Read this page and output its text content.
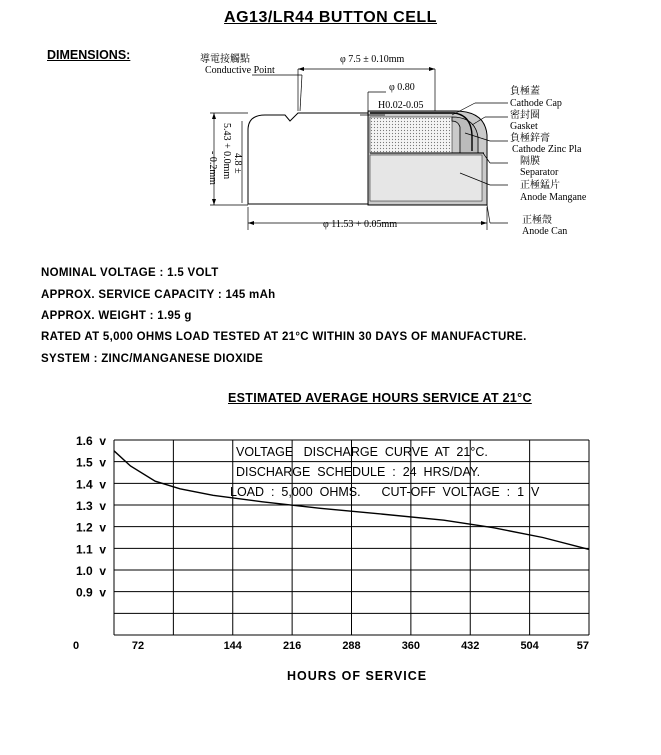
AG13/LR44 BUTTON CELL
DIMENSIONS:	導電接觸點
Conductive Point
φ 7.5 ± 0.10mm
φ 0.80
H0.02-0.05
φ 11.53 + 0.05mm
5.43 + 0.0mm
- 0.2mm 4.8 ±
負極蓋
Cathode Cap
密封圈
Gasket
負極鋅膏
Cathode Zinc Pla
隔膜
Separator
正極錳片
Anode Mangane
正極殼
Anode Can
NOMINAL VOLTAGE : 1.5 VOLT
APPROX. SERVICE CAPACITY : 145 mAh
APPROX. WEIGHT : 1.95 g
RATED AT 5,000 OHMS LOAD TESTED AT 21°C WITHIN 30 DAYS OF MANUFACTURE.
SYSTEM : ZINC/MANGANESE DIOXIDE
ESTIMATED AVERAGE HOURS SERVICE AT 21°C
VOLTAGE   DISCHARGE  CURVE  AT  21°C.
DISCHARGE  SCHEDULE  :  24  HRS/DAY.
LOAD  :  5,000  OHMS.      CUT-OFF  VOLTAGE  :  1  V
1.6  v
1.5  v
1.4  v
1.3  v
1.2  v
1.1  v
1.0  v
0.9  v
0	72	144	216	288	360	432	504	57
HOURS OF SERVICE
